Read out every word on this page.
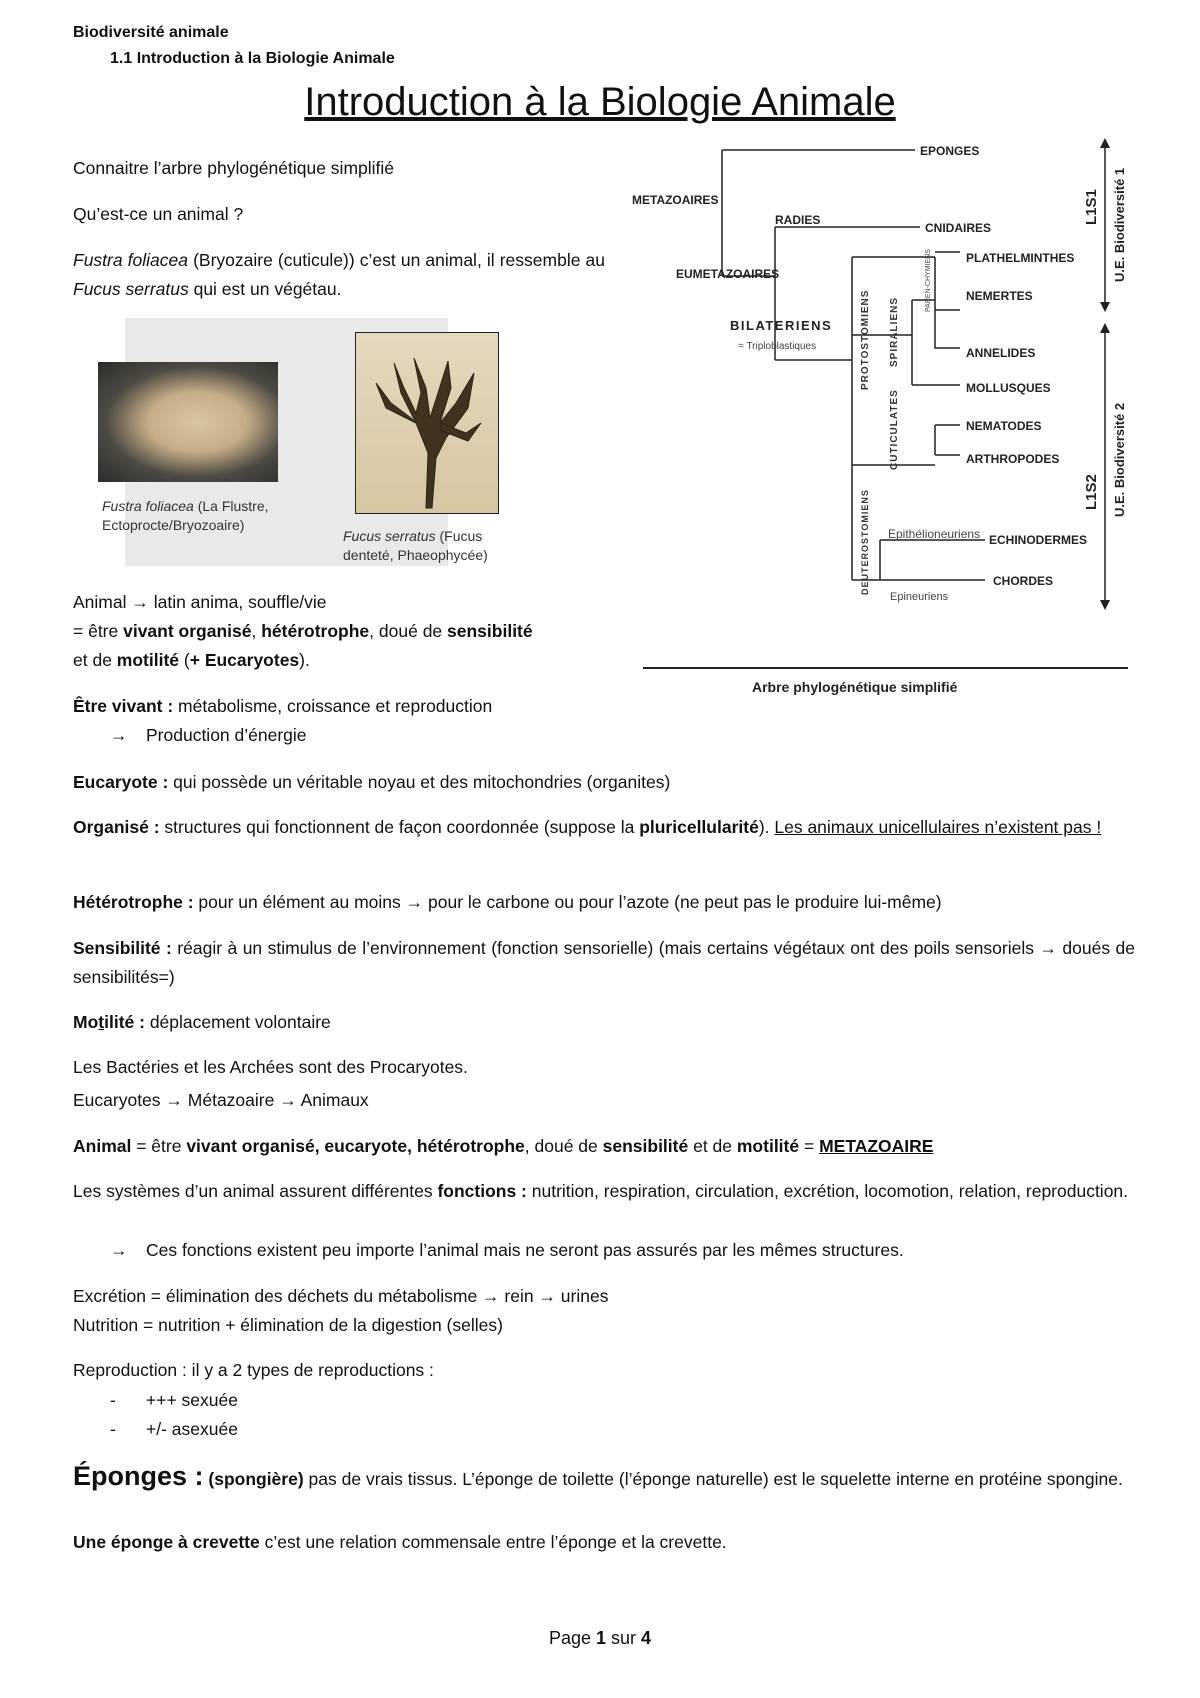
Biodiversité animale
1.1 Introduction à la Biologie Animale
Introduction à la Biologie Animale
Connaitre l’arbre phylogénétique simplifié
Qu’est-ce un animal ?
Fustra foliacea (Bryozaire (cuticule)) c’est un animal, il ressemble au Fucus serratus qui est un végétau.
Fustra foliacea (La Flustre, Ectoprocte/Bryozoaire)
Fucus serratus (Fucus denteté, Phaeophycée)
METAZOAIRES
EUMETAZOAIRES
RADIES
BILATERIENS
EPONGES
CNIDAIRES
PLATHELMINTHES
NEMERTES
ANNELIDES
MOLLUSQUES
NEMATODES
ARTHROPODES
ECHINODERMES
CHORDES
Arbre phylogénétique simplifié
= Triploblastiques
Epithélioneuriens
Epineuriens
PAREN-CHYMIENS
PROTOSTOMIENS SPIRALIENS
CUTICULATES
DEUTEROSTOMIENS
L1S1 U.E. Biodiversité 1
L1S2 U.E. Biodiversité 2
Animal → latin anima, souffle/vie
= être vivant organisé, hétérotrophe, doué de sensibilité
et de motilité (+ Eucaryotes).
Être vivant : métabolisme, croissance et reproduction
→ Production d’énergie
Eucaryote : qui possède un véritable noyau et des mitochondries (organites)
Organisé : structures qui fonctionnent de façon coordonnée (suppose la pluricellularité). Les animaux unicellulaires n’existent pas !
Hétérotrophe : pour un élément au moins → pour le carbone ou pour l’azote (ne peut pas le produire lui-même)
Sensibilité : réagir à un stimulus de l’environnement (fonction sensorielle) (mais certains végétaux ont des poils sensoriels → doués de sensibilités=)
Motilité : déplacement volontaire
Les Bactéries et les Archées sont des Procaryotes.
Eucaryotes → Métazoaire → Animaux
Animal = être vivant organisé, eucaryote, hétérotrophe, doué de sensibilité et de motilité = METAZOAIRE
Les systèmes d’un animal assurent différentes fonctions : nutrition, respiration, circulation, excrétion, locomotion, relation, reproduction.
→ Ces fonctions existent peu importe l’animal mais ne seront pas assurés par les mêmes structures.
Excrétion = élimination des déchets du métabolisme → rein → urines
Nutrition = nutrition + élimination de la digestion (selles)
Reproduction : il y a 2 types de reproductions :
- +++ sexuée
- +/- asexuée
Éponges : (spongière) pas de vrais tissus. L’éponge de toilette (l’éponge naturelle) est le squelette interne en protéine spongine.
Une éponge à crevette c’est une relation commensale entre l’éponge et la crevette.
Page 1 sur 4
